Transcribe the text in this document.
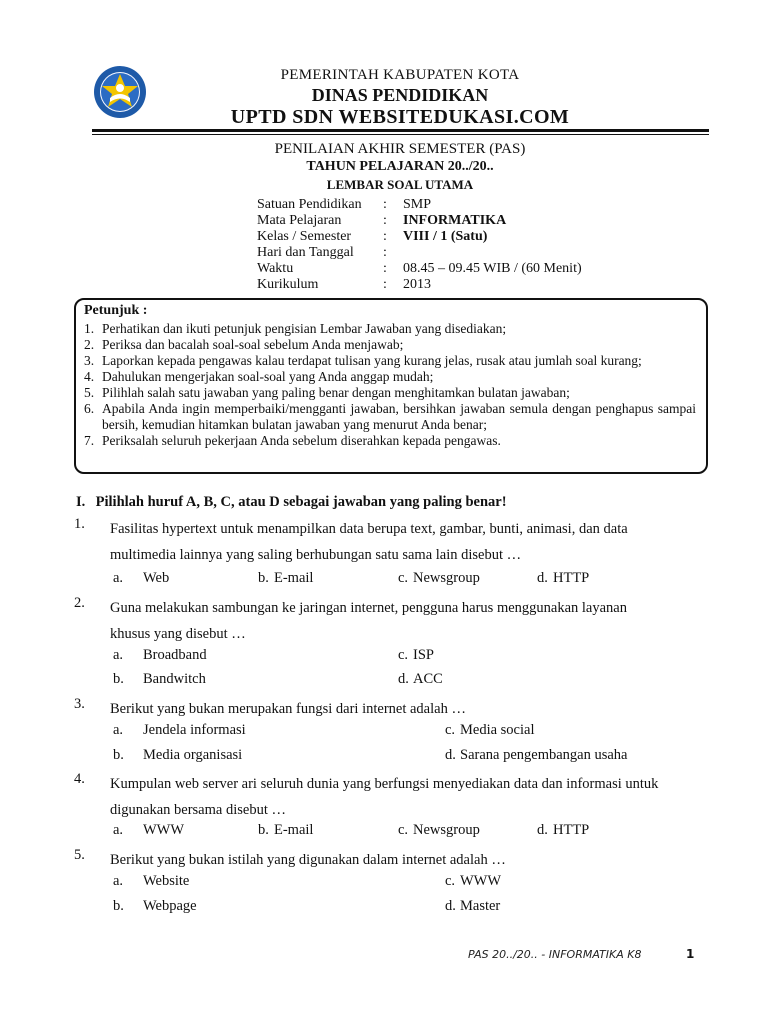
PEMERINTAH KABUPATEN KOTA
DINAS PENDIDIKAN
UPTD SDN WEBSITEDUKASI.COM
PENILAIAN AKHIR SEMESTER (PAS)
TAHUN PELAJARAN 20../20..
LEMBAR SOAL UTAMA
Satuan Pendidikan : SMP
Mata Pelajaran	: INFORMATIKA
Kelas / Semester : VIII / 1 (Satu)
Hari dan Tanggal :
Waktu	: 08.45 – 09.45 WIB / (60 Menit)
Kurikulum	: 2013
Petunjuk :
1. Perhatikan dan ikuti petunjuk pengisian Lembar Jawaban yang disediakan;
2. Periksa dan bacalah soal-soal sebelum Anda menjawab;
3. Laporkan kepada pengawas kalau terdapat tulisan yang kurang jelas, rusak atau jumlah soal kurang;
4. Dahulukan mengerjakan soal-soal yang Anda anggap mudah;
5. Pilihlah salah satu jawaban yang paling benar dengan menghitamkan bulatan jawaban;
6. Apabila Anda ingin memperbaiki/mengganti jawaban, bersihkan jawaban semula dengan penghapus sampai bersih, kemudian hitamkan bulatan jawaban yang menurut Anda benar;
7. Periksalah seluruh pekerjaan Anda sebelum diserahkan kepada pengawas.
I. Pilihlah huruf A, B, C, atau D sebagai jawaban yang paling benar!
1. Fasilitas hypertext untuk menampilkan data berupa text, gambar, bunti, animasi, dan data multimedia lainnya yang saling berhubungan satu sama lain disebut …
a. Web	b. E-mail	c. Newsgroup	d. HTTP
2. Guna melakukan sambungan ke jaringan internet, pengguna harus menggunakan layanan khusus yang disebut …
a. Broadband	c. ISP
b. Bandwitch	d. ACC
3. Berikut yang bukan merupakan fungsi dari internet adalah …
a. Jendela informasi	c. Media social
b. Media organisasi	d. Sarana pengembangan usaha
4. Kumpulan web server ari seluruh dunia yang berfungsi menyediakan data dan informasi untuk digunakan bersama disebut …
a. WWW	b. E-mail	c. Newsgroup	d. HTTP
5. Berikut yang bukan istilah yang digunakan dalam internet adalah …
a. Website	c. WWW
b. Webpage	d. Master
PAS 20../20.. - INFORMATIKA K8	1
